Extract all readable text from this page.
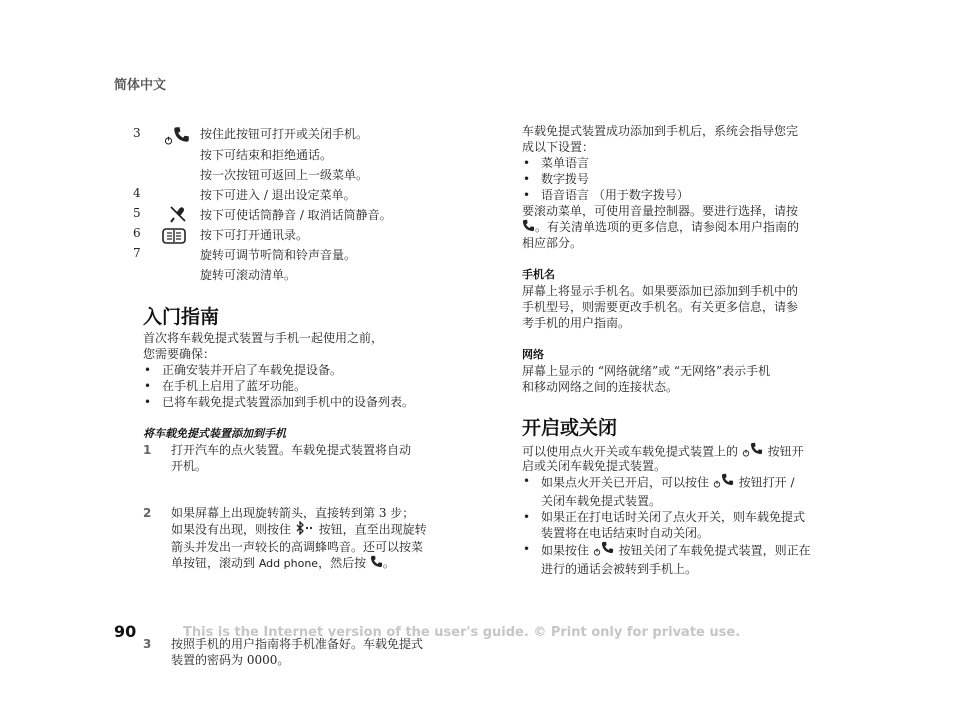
简体中文
3	按住此按钮可打开或关闭手机。
按下可结束和拒绝通话。
按一次按钮可返回上一级菜单。
4	按下可进入 / 退出设定菜单。
5	按下可使话筒静音 / 取消话筒静音。
6	按下可打开通讯录。
7	旋转可调节听筒和铃声音量。
旋转可滚动清单。
入门指南
首次将车载免提式装置与手机一起使用之前，
您需要确保：
• 正确安装并开启了车载免提设备。
• 在手机上启用了蓝牙功能。
• 已将车载免提式装置添加到手机中的设备列表。
将车载免提式装置添加到手机
1 打开汽车的点火装置。车载免提式装置将自动
开机。
2 如果屏幕上出现旋转箭头，直接转到第 3 步；
如果没有出现，则按住 按钮，直至出现旋转
箭头并发出一声较长的高调蜂鸣音。还可以按菜
单按钮，滚动到 Add phone，然后按 。
3 按照手机的用户指南将手机准备好。车载免提式
装置的密码为 0000。
车载免提式装置成功添加到手机后，系统会指导您完
成以下设置：
• 菜单语言
• 数字拨号
• 语音语言 （用于数字拨号）
要滚动菜单，可使用音量控制器。要进行选择，请按
。有关清单选项的更多信息，请参阅本用户指南的
相应部分。
手机名
屏幕上将显示手机名。如果要添加已添加到手机中的
手机型号，则需要更改手机名。有关更多信息，请参
考手机的用户指南。
网络
屏幕上显示的 “网络就绪”或 “无网络”表示手机
和移动网络之间的连接状态。
开启或关闭
可以使用点火开关或车载免提式装置上的 按钮开
启或关闭车载免提式装置。
• 如果点火开关已开启，可以按住 按钮打开 /
关闭车载免提式装置。
• 如果正在打电话时关闭了点火开关，则车载免提式
装置将在电话结束时自动关闭。
• 如果按住 按钮关闭了车载免提式装置，则正在
进行的通话会被转到手机上。
90	This is the Internet version of the user's guide. © Print only for private use.
